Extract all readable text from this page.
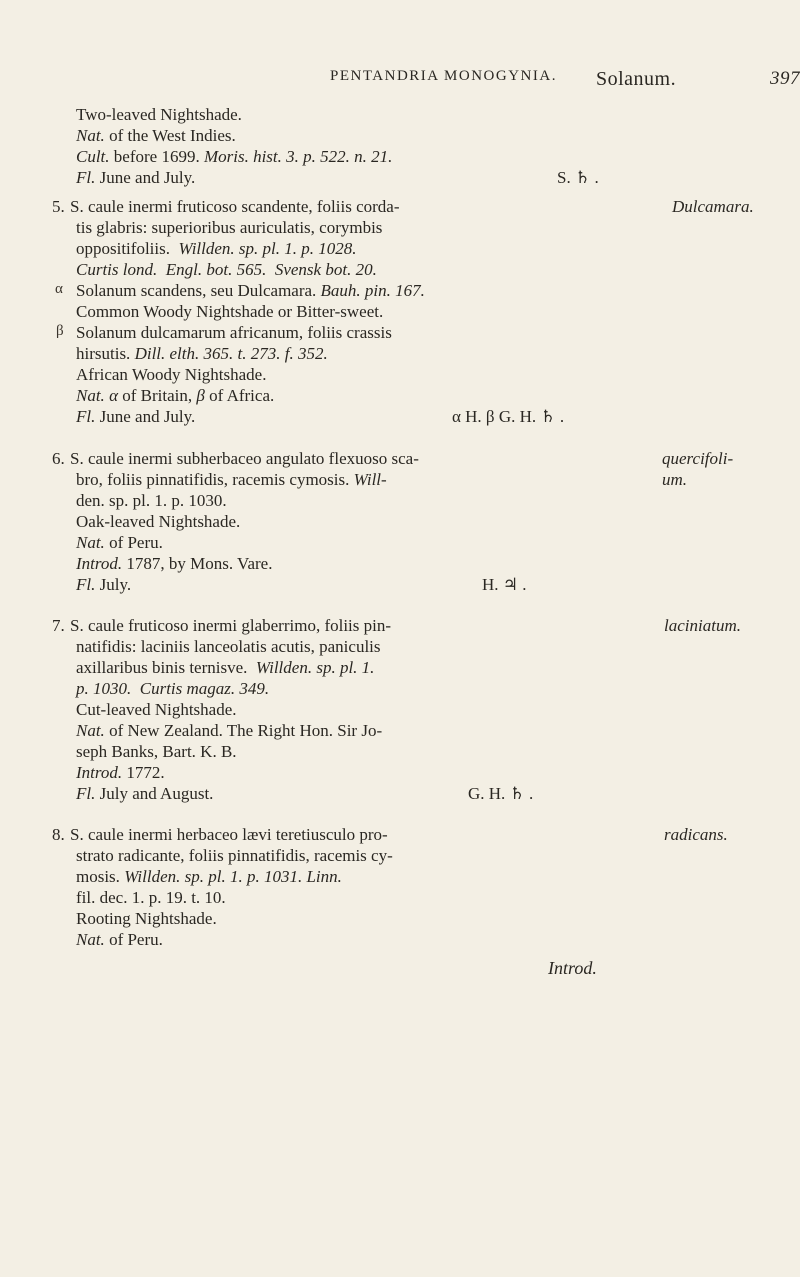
PENTANDRIA MONOGYNIA. Solanum.	397
Two-leaved Nightshade.
Nat. of the West Indies.
Cult. before 1699. Moris. hist. 3. p. 522. n. 21.
Fl. June and July.	S. ♄ .
5. S. caule inermi fruticoso scandente, foliis corda-	Dulcamara.
tis glabris: superioribus auriculatis, corymbis
oppositifoliis. Willden. sp. pl. 1. p. 1028.
Curtis lond. Engl. bot. 565. Svensk bot. 20.
α Solanum scandens, seu Dulcamara. Bauh. pin. 167.
Common Woody Nightshade or Bitter-sweet.
β Solanum dulcamarum africanum, foliis crassis
hirsutis. Dill. elth. 365. t. 273. f. 352.
African Woody Nightshade.
Nat. α of Britain, β of Africa.
Fl. June and July.	α H. β G. H. ♄ .
6. S. caule inermi subherbaceo angulato flexuoso sca-	quercifoli-
bro, foliis pinnatifidis, racemis cymosis. Will-	um.
den. sp. pl. 1. p. 1030.
Oak-leaved Nightshade.
Nat. of Peru.
Introd. 1787, by Mons. Vare.
Fl. July.	H. ♃ .
7. S. caule fruticoso inermi glaberrimo, foliis pin-	laciniatum.
natifidis: laciniis lanceolatis acutis, paniculis
axillaribus binis ternisve. Willden. sp. pl. 1.
p. 1030. Curtis magaz. 349.
Cut-leaved Nightshade.
Nat. of New Zealand. The Right Hon. Sir Jo-
seph Banks, Bart. K. B.
Introd. 1772.
Fl. July and August.	G. H. ♄ .
8. S. caule inermi herbaceo lævi teretiusculo pro-	radicans.
strato radicante, foliis pinnatifidis, racemis cy-
mosis. Willden. sp. pl. 1. p. 1031. Linn.
fil. dec. 1. p. 19. t. 10.
Rooting Nightshade.
Nat. of Peru.
Introd.
